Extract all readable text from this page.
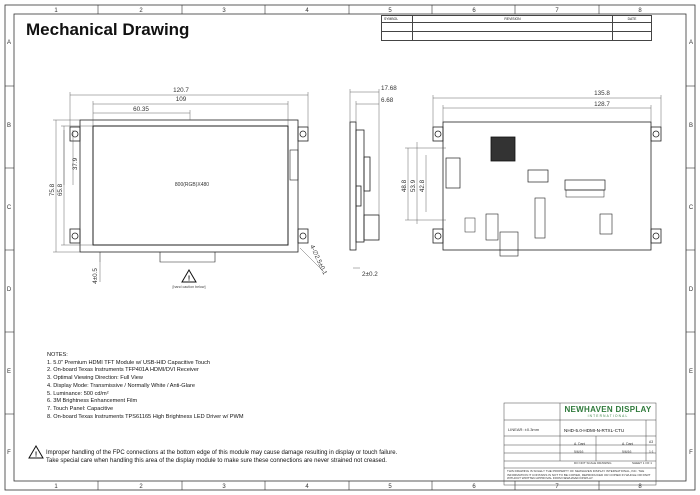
1	2	3	4	5	6	7	8
1	2	3	4	5	6	7	8
A
B
C
D
E
F
A
B
C
D
E
F
120.7
109
60.35
37.9
75.8 65.8
4±0.5
800(RGB)X480
!
[hand caution below]
17.68
6.68
2±0.2
4-∅2.5±0.1
135.8
128.7
48.8 53.9 42.8
!
Mechanical Drawing
SYMBOL	REVISION	DATE

NOTES:
1. 5.0" Premium HDMI TFT Module w/ USB-HID Capacitive Touch
2. On-board Texas Instruments TFP401A HDMI/DVI Receiver
3. Optimal Viewing Direction: Full View
4. Display Mode: Transmissive / Normally White / Anti-Glare
5. Luminance: 500 cd/m²
6. 3M Brightness Enhancement Film
7. Touch Panel: Capacitive
8. On-board Texas Instruments TPS61165 High Brightness LED Driver w/ PWM
Improper handling of the FPC connections at the bottom edge of this module may cause damage resulting in display or touch failure.
Take special care when handling this area of the display module to make sure these connections are never strained not creased.
NEWHAVEN DISPLAY
INTERNATIONAL
LINEAR: ±0.3mm	NHD-5.0-HDMI-N-RTXL-CTU
A3
A. Dani	A. Dani
5/6/16	5/6/16	1:1
DO NOT SCALE DRAWING	SHEET 1 OF 1
THIS DRAWING IS SOLELY THE PROPERTY OF NEWHAVEN DISPLAY INTERNATIONAL, INC. THE INFORMATION IT CONTAINS IS NOT TO BE COPIED, REPRODUCED OR COPIED IN WHOLE OR PART WITHOUT WRITTEN APPROVAL FROM NEWHAVEN DISPLAY.
